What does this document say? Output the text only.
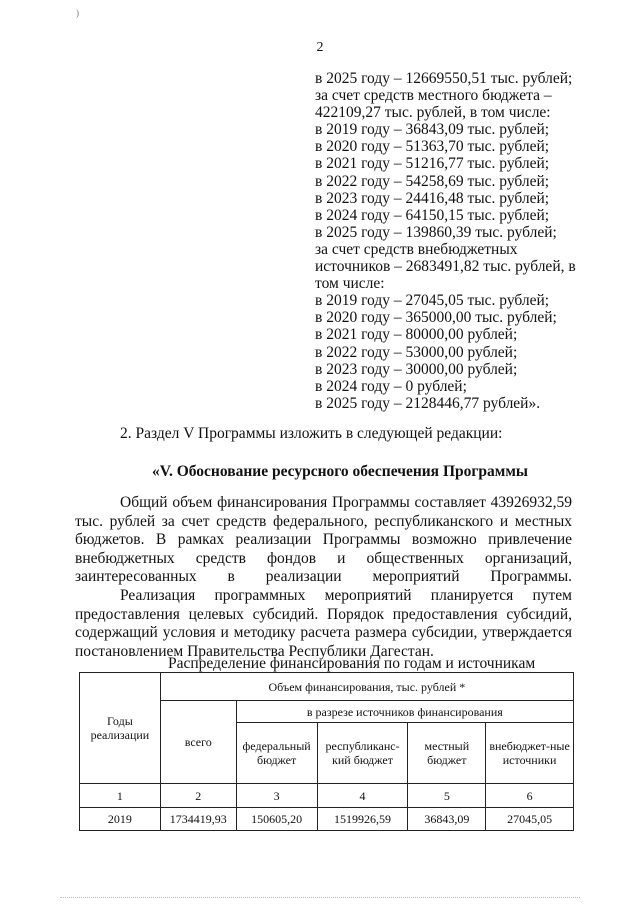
)
2
в 2025 году – 12669550,51 тыс. рублей;
за счет средств местного бюджета –
422109,27 тыс. рублей, в том числе:
в 2019 году – 36843,09 тыс. рублей;
в 2020 году – 51363,70 тыс. рублей;
в 2021 году – 51216,77 тыс. рублей;
в 2022 году – 54258,69 тыс. рублей;
в 2023 году – 24416,48 тыс. рублей;
в 2024 году – 64150,15 тыс. рублей;
в 2025 году – 139860,39 тыс. рублей;
за счет средств внебюджетных
источников – 2683491,82 тыс. рублей, в
том числе:
в 2019 году – 27045,05 тыс. рублей;
в 2020 году – 365000,00 тыс. рублей;
в 2021 году – 80000,00 рублей;
в 2022 году – 53000,00 рублей;
в 2023 году – 30000,00 рублей;
в 2024 году – 0 рублей;
в 2025 году – 2128446,77 рублей».
2. Раздел V Программы изложить в следующей редакции:
«V. Обоснование ресурсного обеспечения Программы
Общий объем финансирования Программы составляет 43926932,59 тыс. рублей за счет средств федерального, республиканского и местных бюджетов. В рамках реализации Программы возможно привлечение внебюджетных средств фондов и общественных организаций, заинтересованных в реализации мероприятий Программы.
Реализация программных мероприятий планируется путем предоставления целевых субсидий. Порядок предоставления субсидий, содержащий условия и методику расчета размера субсидии, утверждается постановлением Правительства Республики Дагестан.
Распределение финансирования по годам и источникам
Годы реализации	Объем финансирования, тыс. рублей *				
	всего	в разрезе источников финансирования			
		федеральный бюджет	республиканс-кий бюджет	местный бюджет	внебюджет-ные источники
1	2	3	4	5	6
2019	1734419,93	150605,20	1519926,59	36843,09	27045,05
